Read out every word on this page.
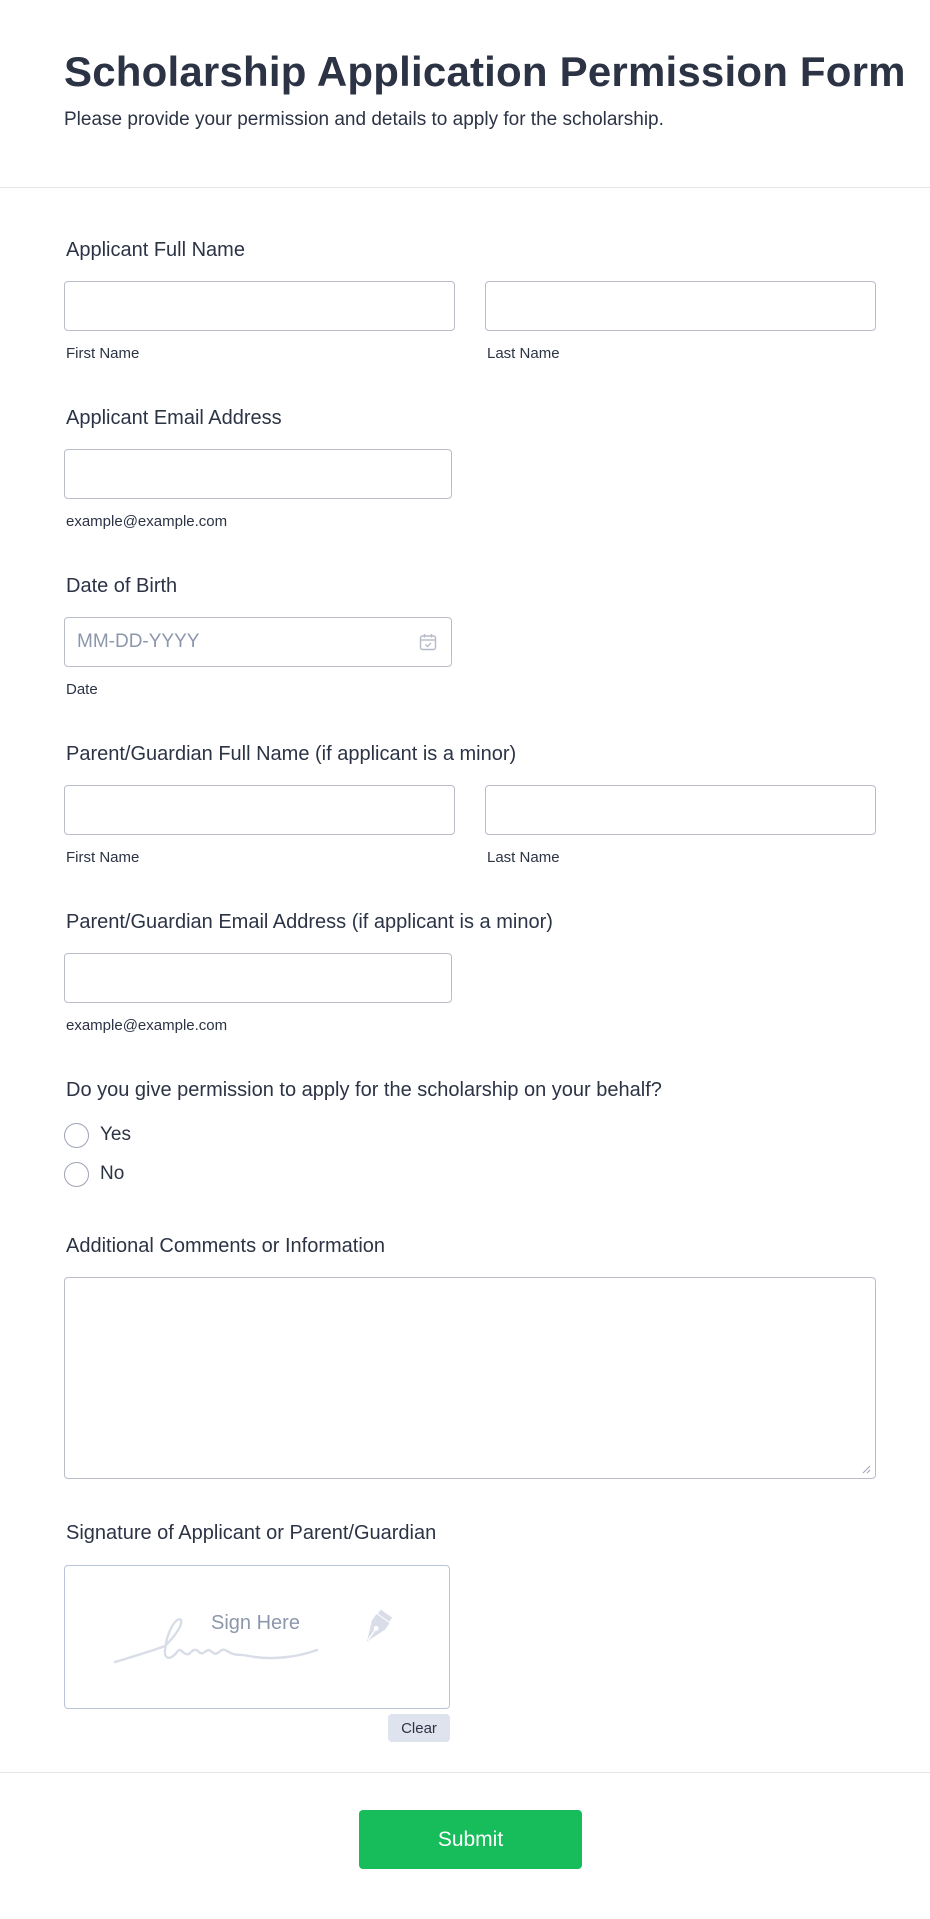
Scholarship Application Permission Form

Please provide your permission and details to apply for the scholarship.

Applicant Full Name
First Name	Last Name
Applicant Email Address
example@example.com
Date of Birth
MM-DD-YYYY
Date
Parent/Guardian Full Name (if applicant is a minor)
First Name	Last Name
Parent/Guardian Email Address (if applicant is a minor)
example@example.com
Do you give permission to apply for the scholarship on your behalf?
Yes
No
Additional Comments or Information
Signature of Applicant or Parent/Guardian
Sign Here
Clear
Submit
